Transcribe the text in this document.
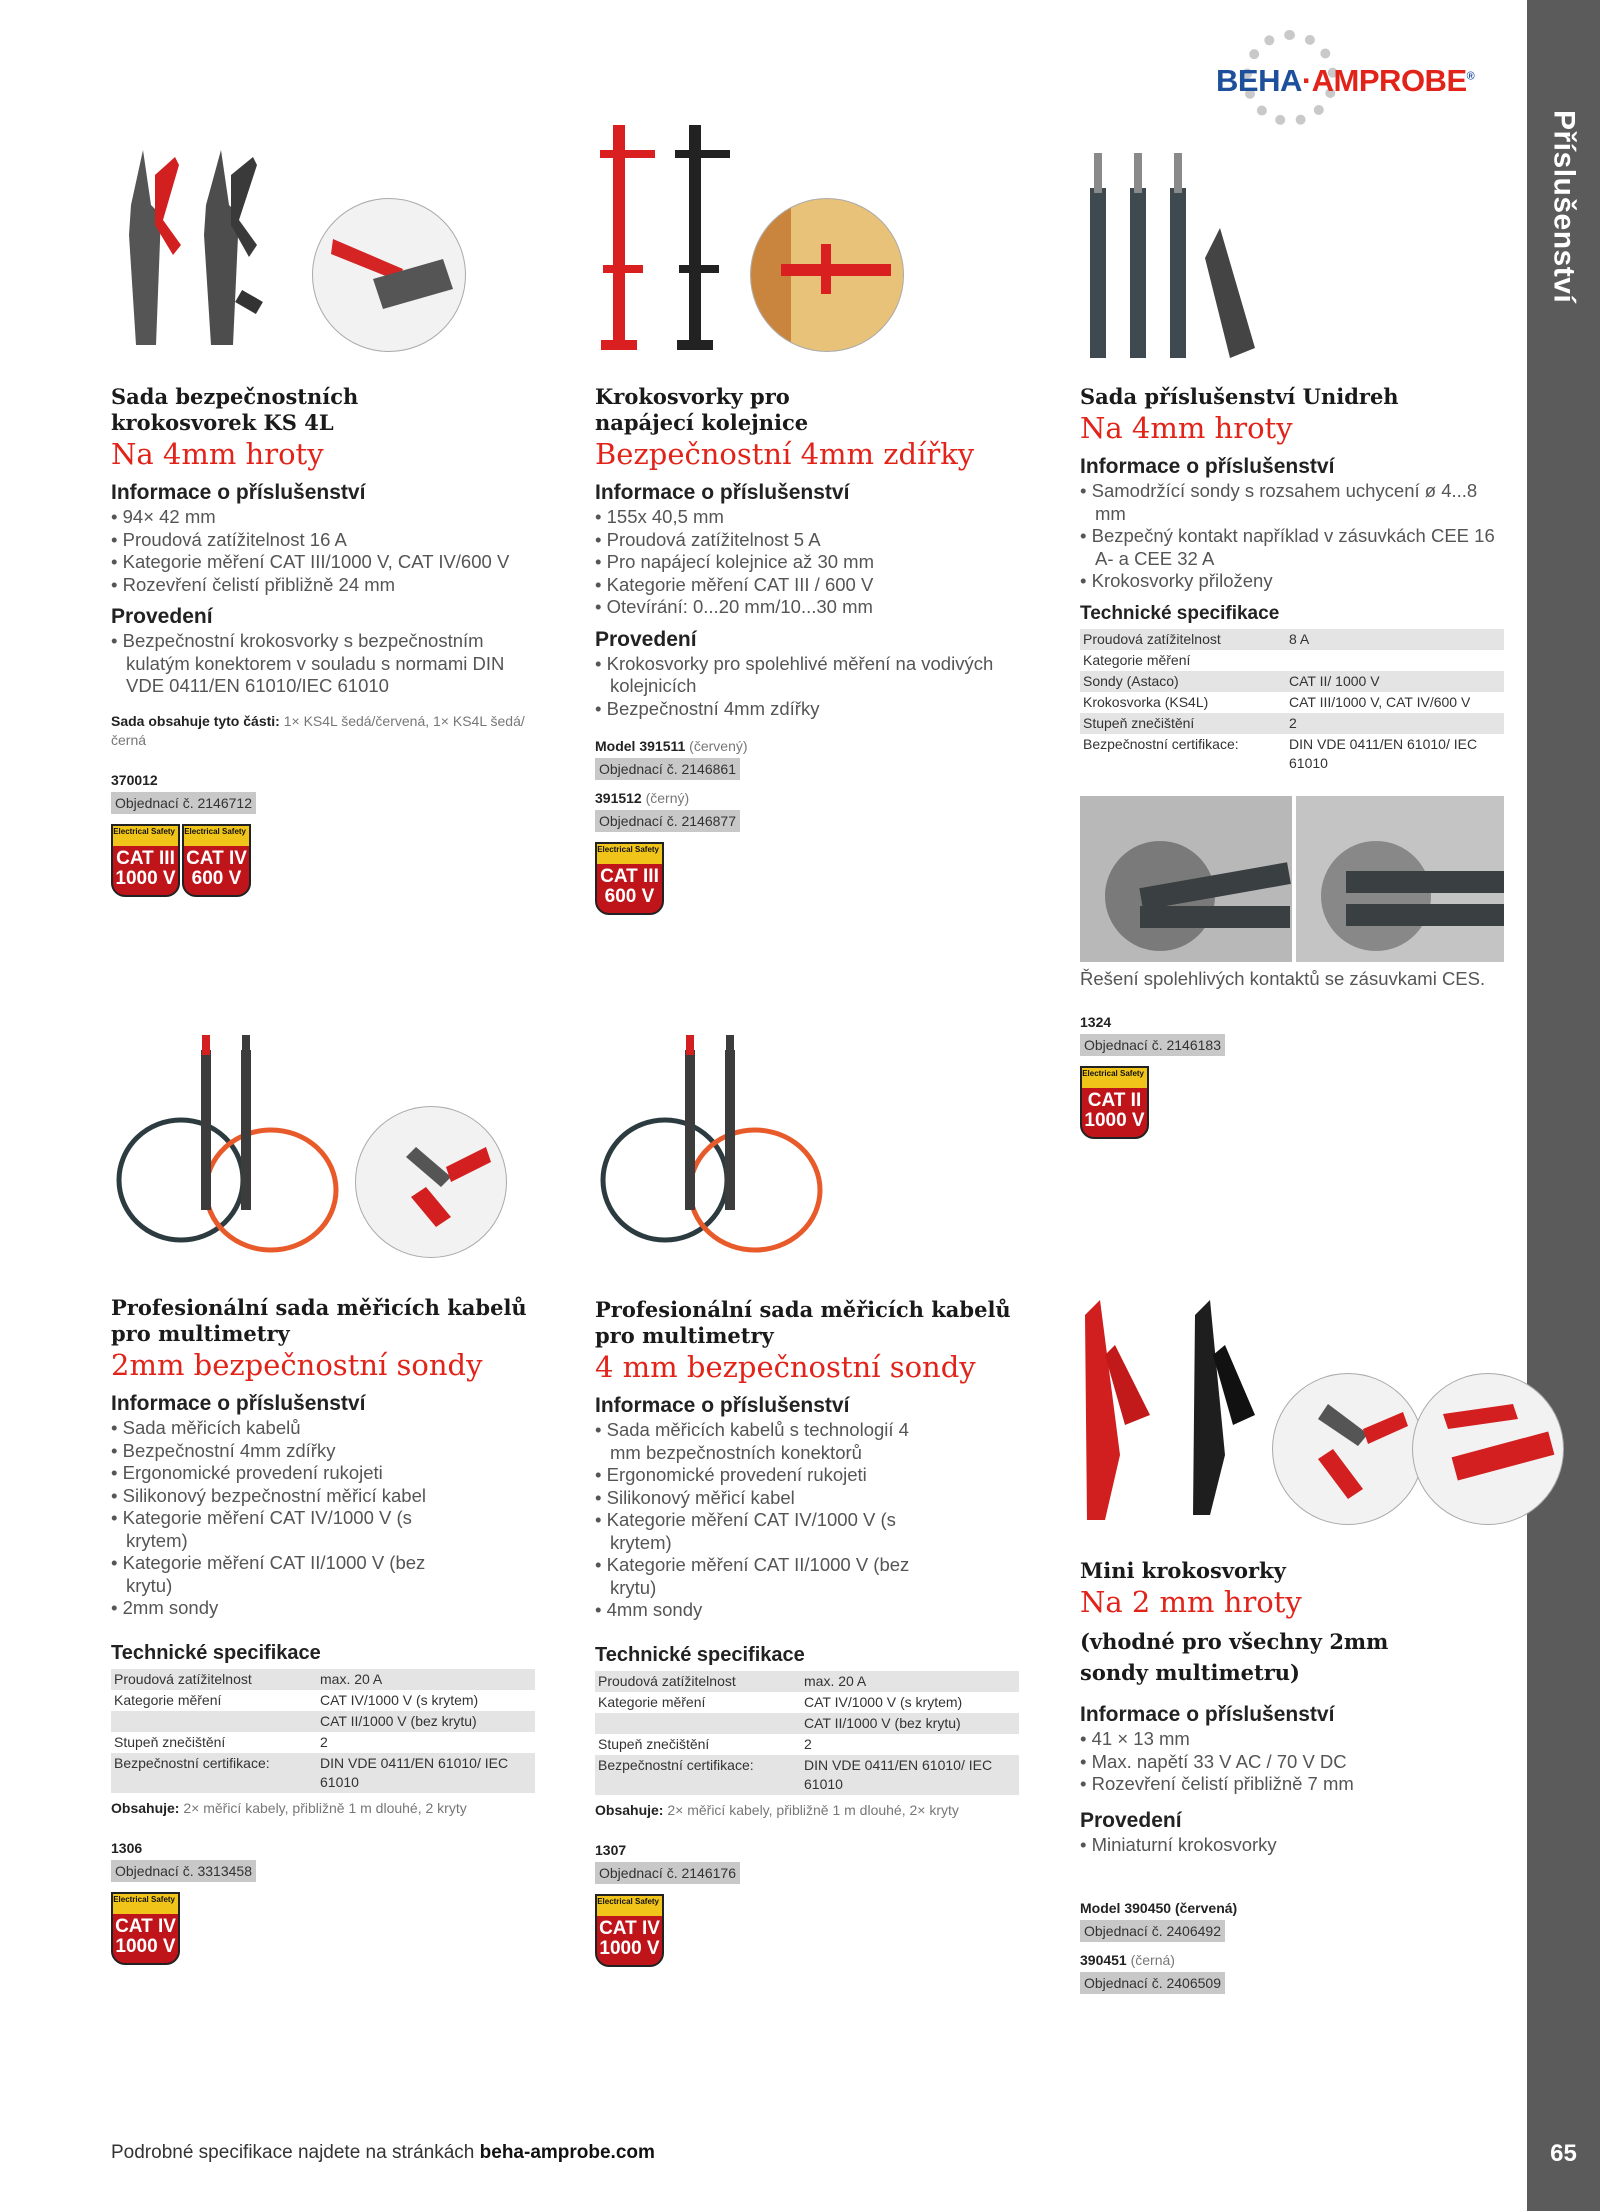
Příslušenství
65
BEHA·AMPROBE®
Sada bezpečnostních
krokosvorek KS 4L
Na 4mm hroty
Informace o příslušenství
• 94× 42 mm
• Proudová zatížitelnost 16 A
• Kategorie měření CAT III/1000 V, CAT IV/600 V
• Rozevření čelistí přibližně 24 mm
Provedení
• Bezpečnostní krokosvorky s bezpečnostním kulatým konektorem v souladu s normami DIN VDE 0411/EN 61010/IEC 61010
Sada obsahuje tyto části: 1× KS4L šedá/červená, 1× KS4L šedá/černá
370012
Objednací č. 2146712
Electrical Safety
CAT III
1000 V
Electrical Safety
CAT IV
600 V
Krokosvorky pro
napájecí kolejnice
Bezpečnostní 4mm zdířky
Informace o příslušenství
• 155x 40,5 mm
• Proudová zatížitelnost 5 A
• Pro napájecí kolejnice až 30 mm
• Kategorie měření CAT III / 600 V
• Otevírání: 0...20 mm/10...30 mm
Provedení
• Krokosvorky pro spolehlivé měření na vodivých kolejnicích
• Bezpečnostní 4mm zdířky
Model 391511 (červený)
Objednací č. 2146861
391512 (černý)
Objednací č. 2146877
Electrical Safety
CAT III
600 V
Sada příslušenství Unidreh
Na 4mm hroty
Informace o příslušenství
• Samodržící sondy s rozsahem uchycení ø 4...8 mm
• Bezpečný kontakt například v zásuvkách CEE 16 A- a CEE 32 A
• Krokosvorky přiloženy
Technické specifikace
Proudová zatížitelnost	8 A
Kategorie měření	
Sondy (Astaco)	CAT II/ 1000 V
Krokosvorka (KS4L)	CAT III/1000 V, CAT IV/600 V
Stupeň znečištění	2
Bezpečnostní certifikace:	DIN VDE 0411/EN 61010/ IEC 61010
Řešení spolehlivých kontaktů se zásuvkami CES.
1324
Objednací č. 2146183
Electrical Safety
CAT II
1000 V
Profesionální sada měřicích kabelů
pro multimetry
2mm bezpečnostní sondy
Informace o příslušenství
• Sada měřicích kabelů
• Bezpečnostní 4mm zdířky
• Ergonomické provedení rukojeti
• Silikonový bezpečnostní měřicí kabel
• Kategorie měření CAT IV/1000 V (s krytem)
• Kategorie měření CAT II/1000 V (bez krytu)
• 2mm sondy
Technické specifikace
Proudová zatížitelnost	max. 20 A
Kategorie měření	CAT IV/1000 V (s krytem)
	CAT II/1000 V (bez krytu)
Stupeň znečištění	2
Bezpečnostní certifikace:	DIN VDE 0411/EN 61010/ IEC 61010
Obsahuje: 2× měřicí kabely, přibližně 1 m dlouhé, 2 kryty
1306
Objednací č. 3313458
Electrical Safety
CAT IV
1000 V
Profesionální sada měřicích kabelů
pro multimetry
4 mm bezpečnostní sondy
Informace o příslušenství
• Sada měřicích kabelů s technologií 4 mm bezpečnostních konektorů
• Ergonomické provedení rukojeti
• Silikonový měřicí kabel
• Kategorie měření CAT IV/1000 V (s krytem)
• Kategorie měření CAT II/1000 V (bez krytu)
• 4mm sondy
Technické specifikace
Proudová zatížitelnost	max. 20 A
Kategorie měření	CAT IV/1000 V (s krytem)
	CAT II/1000 V (bez krytu)
Stupeň znečištění	2
Bezpečnostní certifikace:	DIN VDE 0411/EN 61010/ IEC 61010
Obsahuje: 2× měřicí kabely, přibližně 1 m dlouhé, 2× kryty
1307
Objednací č. 2146176
Electrical Safety
CAT IV
1000 V
Mini krokosvorky
Na 2 mm hroty
(vhodné pro všechny 2mm sondy multimetru)
Informace o příslušenství
• 41 × 13 mm
• Max. napětí 33 V AC / 70 V DC
• Rozevření čelistí přibližně 7 mm
Provedení
• Miniaturní krokosvorky
Model 390450 (červená)
Objednací č. 2406492
390451 (černá)
Objednací č. 2406509
Podrobné specifikace najdete na stránkách beha-amprobe.com
